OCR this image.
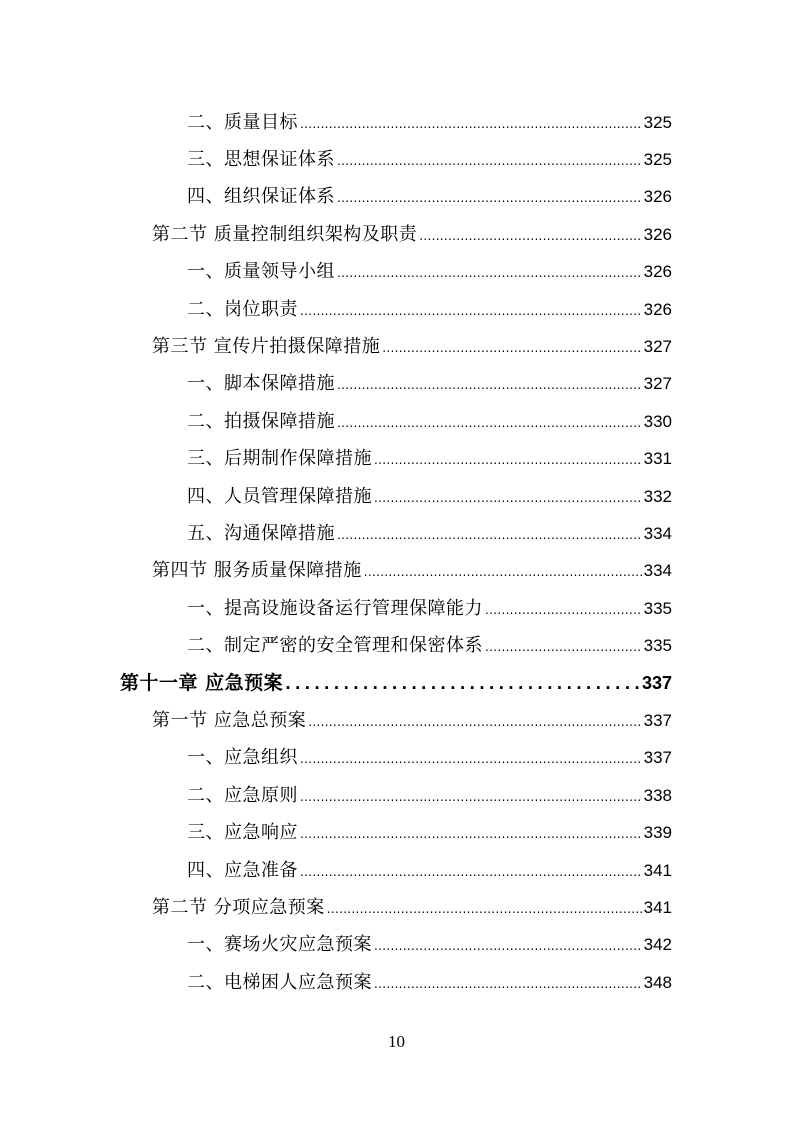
二、质量目标 .....	325
三、思想保证体系 .....	325
四、组织保证体系 .....	326
第二节 质量控制组织架构及职责 .....	326
一、质量领导小组 .....	326
二、岗位职责 .....	326
第三节 宣传片拍摄保障措施 .....	327
一、脚本保障措施 .....	327
二、拍摄保障措施 .....	330
三、后期制作保障措施 .....	331
四、人员管理保障措施 .....	332
五、沟通保障措施 .....	334
第四节 服务质量保障措施 .....	334
一、提高设施设备运行管理保障能力 .....	335
二、制定严密的安全管理和保密体系 .....	335
第十一章 应急预案 .....	337
第一节 应急总预案 .....	337
一、应急组织 .....	337
二、应急原则 .....	338
三、应急响应 .....	339
四、应急准备 .....	341
第二节 分项应急预案 .....	341
一、赛场火灾应急预案 .....	342
二、电梯困人应急预案 .....	348
10
